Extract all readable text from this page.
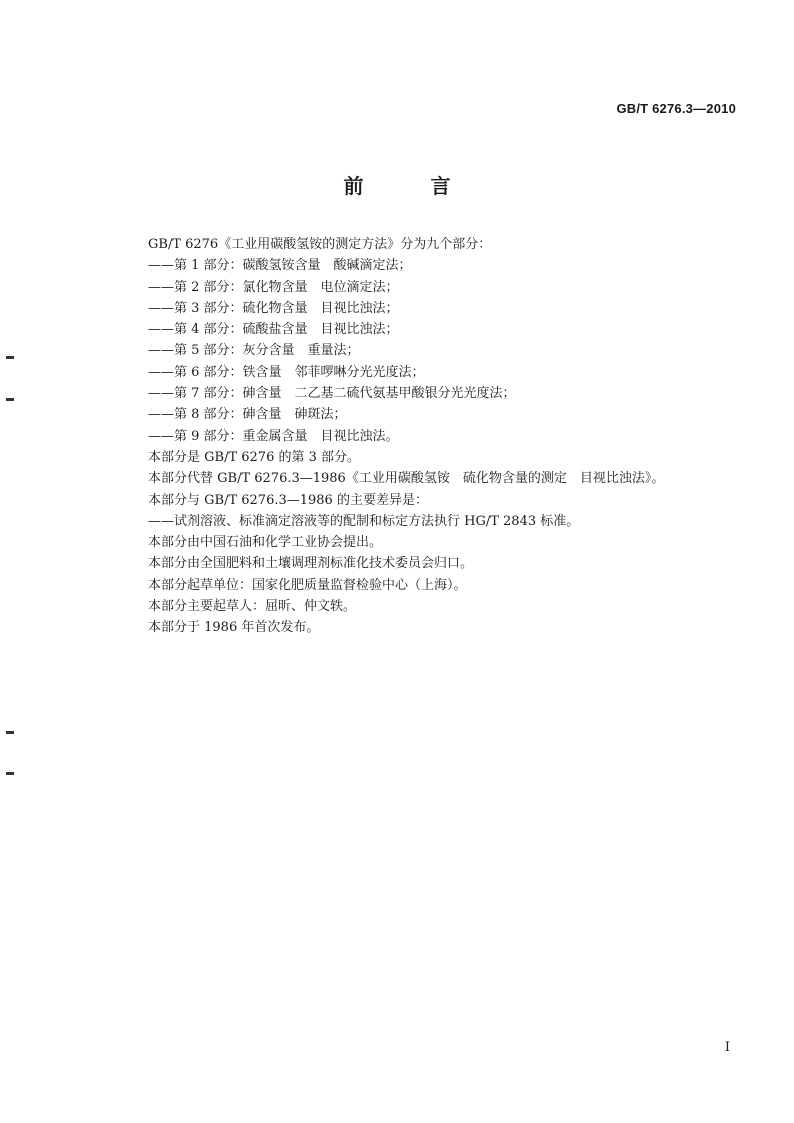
GB/T 6276.3—2010
前 言
GB/T 6276《工业用碳酸氢铵的测定方法》分为九个部分：
——第 1 部分：碳酸氢铵含量　酸碱滴定法；
——第 2 部分：氯化物含量　电位滴定法；
——第 3 部分：硫化物含量　目视比浊法；
——第 4 部分：硫酸盐含量　目视比浊法；
——第 5 部分：灰分含量　重量法；
——第 6 部分：铁含量　邻菲啰啉分光光度法；
——第 7 部分：砷含量　二乙基二硫代氨基甲酸银分光光度法；
——第 8 部分：砷含量　砷斑法；
——第 9 部分：重金属含量　目视比浊法。
本部分是 GB/T 6276 的第 3 部分。
本部分代替 GB/T 6276.3—1986《工业用碳酸氢铵　硫化物含量的测定　目视比浊法》。
本部分与 GB/T 6276.3—1986 的主要差异是：
——试剂溶液、标准滴定溶液等的配制和标定方法执行 HG/T 2843 标准。
本部分由中国石油和化学工业协会提出。
本部分由全国肥料和土壤调理剂标准化技术委员会归口。
本部分起草单位：国家化肥质量监督检验中心（上海）。
本部分主要起草人：屈昕、仲文轶。
本部分于 1986 年首次发布。
I
